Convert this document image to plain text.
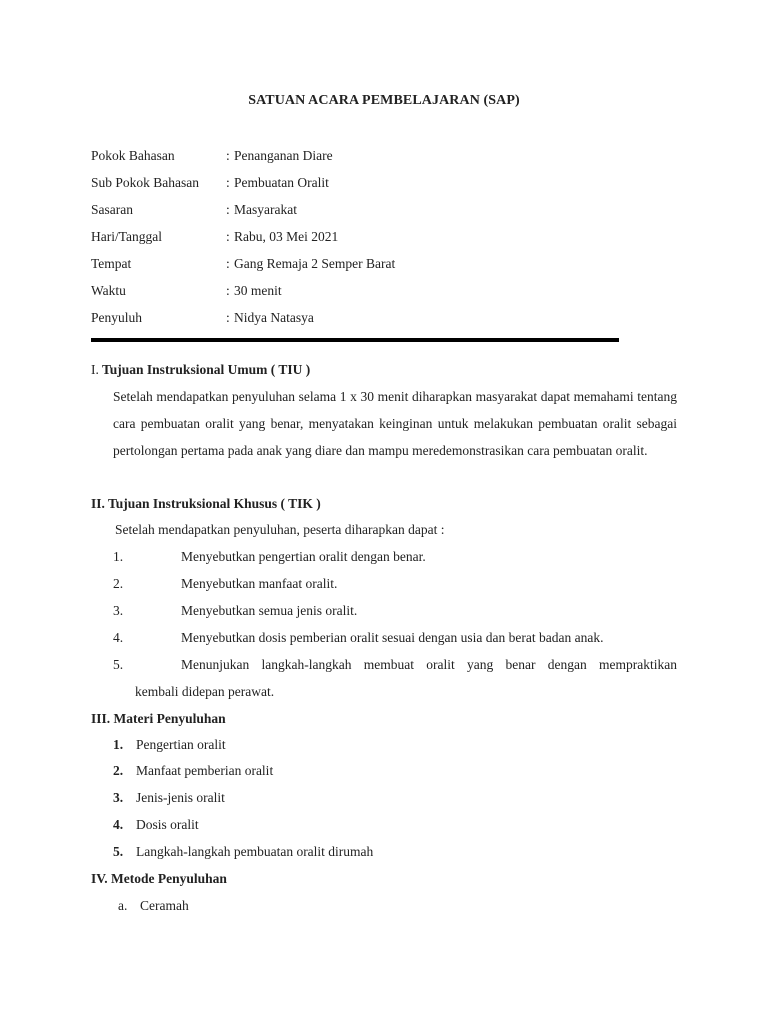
SATUAN ACARA PEMBELAJARAN (SAP)
Pokok Bahasan	: Penanganan Diare
Sub Pokok Bahasan	: Pembuatan Oralit
Sasaran	: Masyarakat
Hari/Tanggal	: Rabu, 03 Mei 2021
Tempat	: Gang Remaja 2 Semper Barat
Waktu	: 30 menit
Penyuluh	: Nidya Natasya
I. Tujuan Instruksional Umum ( TIU )
Setelah mendapatkan penyuluhan selama 1 x 30 menit diharapkan masyarakat dapat memahami tentang cara pembuatan oralit yang benar, menyatakan keinginan untuk melakukan pembuatan oralit sebagai pertolongan pertama pada anak yang diare dan mampu meredemonstrasikan cara pembuatan oralit.
II. Tujuan Instruksional Khusus ( TIK )
Setelah mendapatkan penyuluhan, peserta diharapkan dapat :
1.	Menyebutkan pengertian oralit dengan benar.
2.	Menyebutkan manfaat oralit.
3.	Menyebutkan semua jenis oralit.
4.	Menyebutkan dosis pemberian oralit sesuai dengan usia dan berat badan anak.
5.	Menunjukan langkah-langkah membuat oralit yang benar dengan mempraktikan
kembali didepan perawat.
III. Materi Penyuluhan
1. Pengertian oralit
2. Manfaat pemberian oralit
3. Jenis-jenis oralit
4. Dosis oralit
5. Langkah-langkah pembuatan oralit dirumah
IV. Metode Penyuluhan
a. Ceramah
